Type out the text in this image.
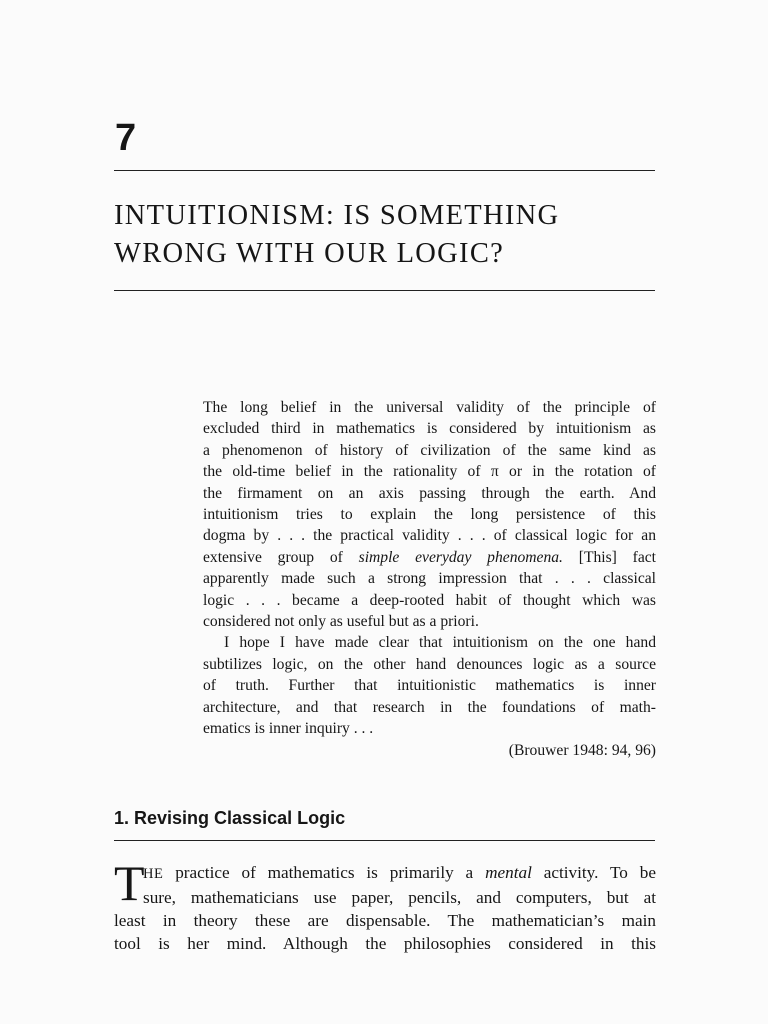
7
INTUITIONISM: IS SOMETHING
WRONG WITH OUR LOGIC?
The long belief in the universal validity of the principle of
excluded third in mathematics is considered by intuitionism as
a phenomenon of history of civilization of the same kind as
the old-time belief in the rationality of π or in the rotation of
the firmament on an axis passing through the earth. And
intuitionism tries to explain the long persistence of this
dogma by . . . the practical validity . . . of classical logic for an
extensive group of simple everyday phenomena. [This] fact
apparently made such a strong impression that . . . classical
logic . . . became a deep-rooted habit of thought which was
considered not only as useful but as a priori.
I hope I have made clear that intuitionism on the one hand
subtilizes logic, on the other hand denounces logic as a source
of truth. Further that intuitionistic mathematics is inner
architecture, and that research in the foundations of math-
ematics is inner inquiry . . .
(Brouwer 1948: 94, 96)
1. Revising Classical Logic
T
HE practice of mathematics is primarily a mental activity. To be
sure, mathematicians use paper, pencils, and computers, but at
least in theory these are dispensable. The mathematician’s main
tool is her mind. Although the philosophies considered in this
